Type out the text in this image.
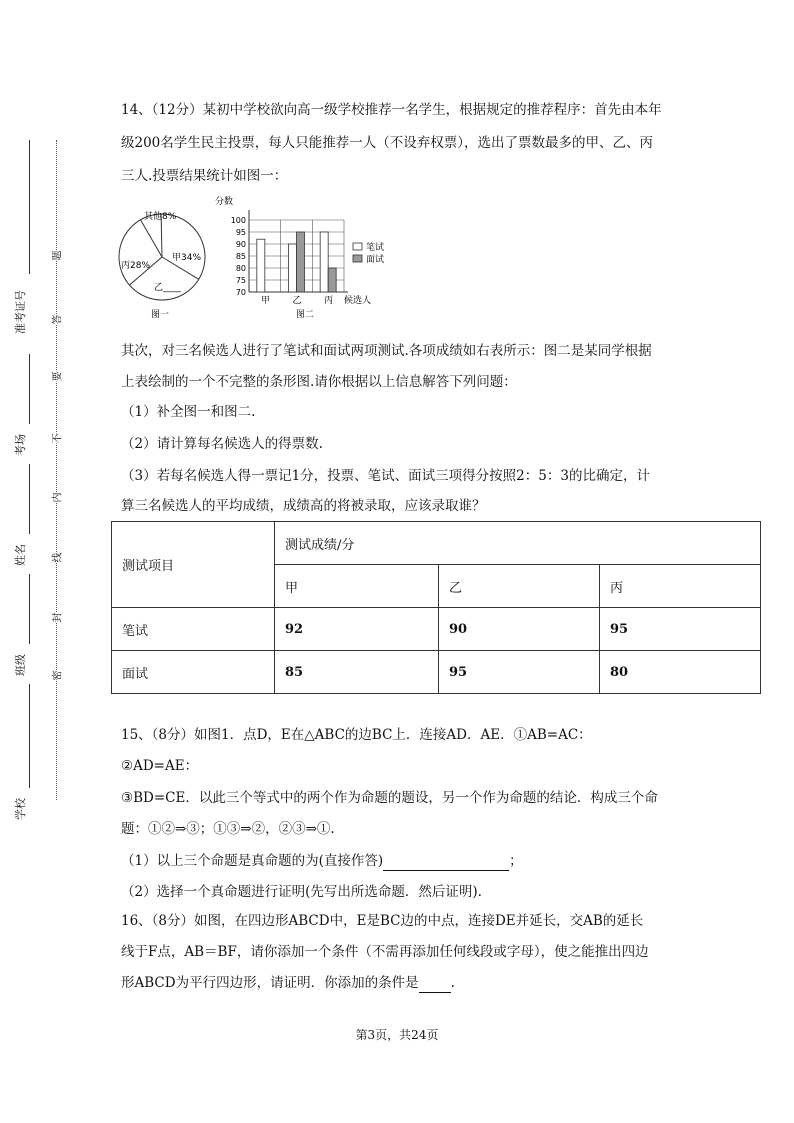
准考证号
考场
姓名
班级
学校
题
答
要
不
内
线
封
密
14、（12分）某初中学校欲向高一级学校推荐一名学生，根据规定的推荐程序：首先由本年
级200名学生民主投票，每人只能推荐一人（不设弃权票），选出了票数最多的甲、乙、丙
三人.投票结果统计如图一：
其他8%
甲34%
乙____
丙28%
图一
分数
70
75
80
85
90
95
100
甲	乙	丙 候选人
图二
笔试
面试
其次，对三名候选人进行了笔试和面试两项测试.各项成绩如右表所示：图二是某同学根据
上表绘制的一个不完整的条形图.请你根据以上信息解答下列问题：
（1）补全图一和图二.
（2）请计算每名候选人的得票数.
（3）若每名候选人得一票记1分，投票、笔试、面试三项得分按照2：5：3的比确定，计
算三名候选人的平均成绩，成绩高的将被录取，应该录取谁？
测试项目	测试成绩/分		
	甲	乙	丙
笔试	92	90	95
面试	85	95	80
15、（8分）如图1．点D，E在△ABC的边BC上．连接AD．AE．①AB=AC：
②AD=AE：
③BD=CE．以此三个等式中的两个作为命题的题设，另一个作为命题的结论．构成三个命
题：①②⇒③；①③⇒②，②③⇒①.
（1）以上三个命题是真命题的为(直接作答)	；
（2）选择一个真命题进行证明(先写出所选命题．然后证明).
16、（8分）如图，在四边形ABCD中，E是BC边的中点，连接DE并延长，交AB的延长
线于F点，AB＝BF，请你添加一个条件（不需再添加任何线段或字母），使之能推出四边
形ABCD为平行四边形，请证明．你添加的条件是 .
第3页，共24页
